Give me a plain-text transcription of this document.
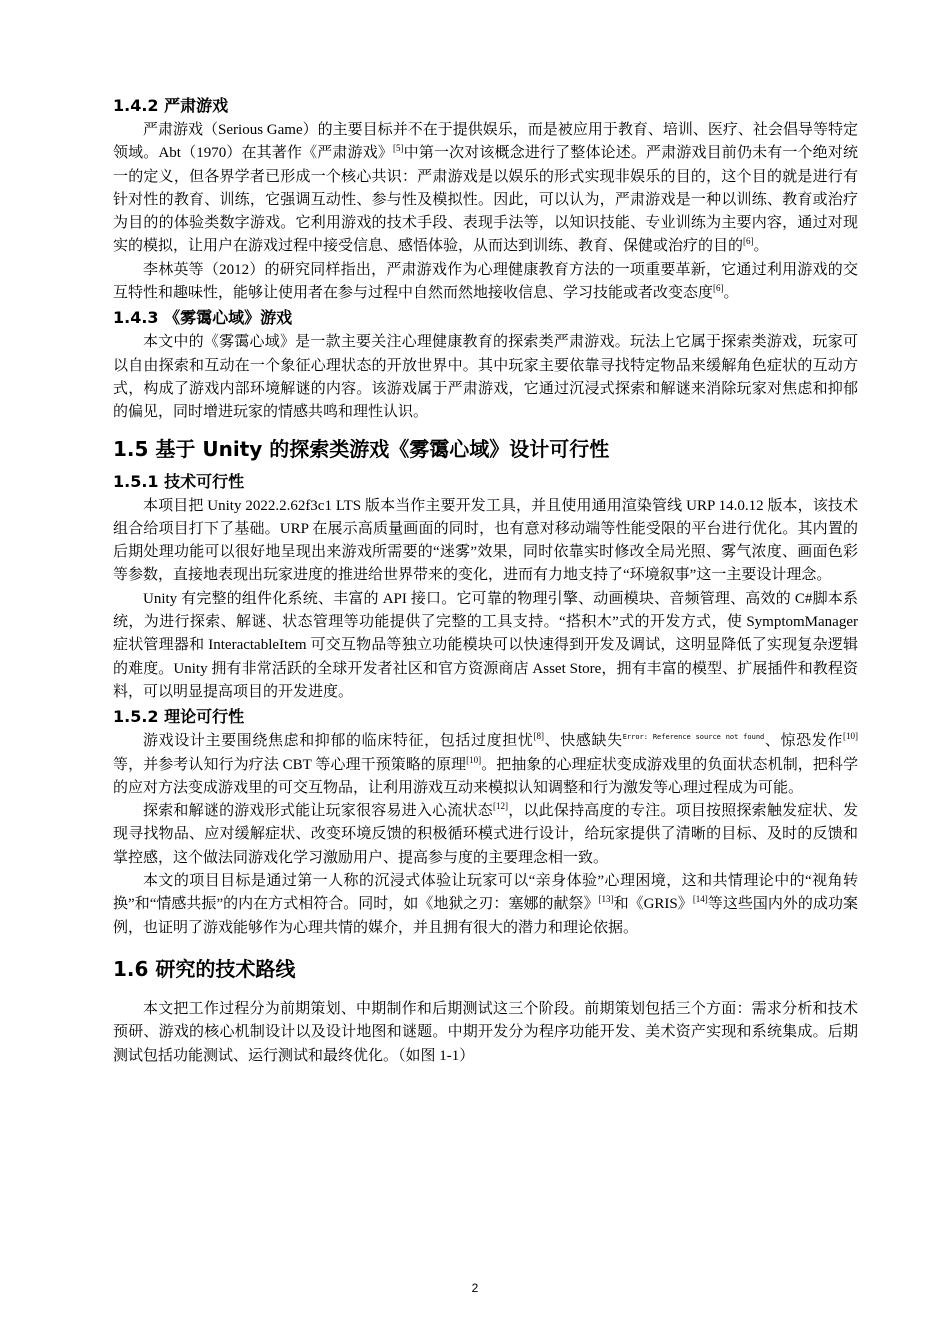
1.4.2 严肃游戏

严肃游戏（Serious Game）的主要目标并不在于提供娱乐，而是被应用于教育、培训、医疗、社会倡导等特定领域。Abt（1970）在其著作《严肃游戏》[5]中第一次对该概念进行了整体论述。严肃游戏目前仍未有一个绝对统一的定义，但各界学者已形成一个核心共识：严肃游戏是以娱乐的形式实现非娱乐的目的，这个目的就是进行有针对性的教育、训练，它强调互动性、参与性及模拟性。因此，可以认为，严肃游戏是一种以训练、教育或治疗为目的的体验类数字游戏。它利用游戏的技术手段、表现手法等，以知识技能、专业训练为主要内容，通过对现实的模拟，让用户在游戏过程中接受信息、感悟体验，从而达到训练、教育、保健或治疗的目的[6]。

李林英等（2012）的研究同样指出，严肃游戏作为心理健康教育方法的一项重要革新，它通过利用游戏的交互特性和趣味性，能够让使用者在参与过程中自然而然地接收信息、学习技能或者改变态度[6]。

1.4.3 《雾霭心域》游戏

本文中的《雾霭心域》是一款主要关注心理健康教育的探索类严肃游戏。玩法上它属于探索类游戏，玩家可以自由探索和互动在一个象征心理状态的开放世界中。其中玩家主要依靠寻找特定物品来缓解角色症状的互动方式，构成了游戏内部环境解谜的内容。该游戏属于严肃游戏，它通过沉浸式探索和解谜来消除玩家对焦虑和抑郁的偏见，同时增进玩家的情感共鸣和理性认识。

1.5 基于 Unity 的探索类游戏《雾霭心域》设计可行性
1.5.1 技术可行性

本项目把 Unity 2022.2.62f3c1 LTS 版本当作主要开发工具，并且使用通用渲染管线 URP 14.0.12 版本，该技术组合给项目打下了基础。URP 在展示高质量画面的同时，也有意对移动端等性能受限的平台进行优化。其内置的后期处理功能可以很好地呈现出来游戏所需要的“迷雾”效果，同时依靠实时修改全局光照、雾气浓度、画面色彩等参数，直接地表现出玩家进度的推进给世界带来的变化，进而有力地支持了“环境叙事”这一主要设计理念。

Unity 有完整的组件化系统、丰富的 API 接口。它可靠的物理引擎、动画模块、音频管理、高效的 C#脚本系统，为进行探索、解谜、状态管理等功能提供了完整的工具支持。“搭积木”式的开发方式，使 SymptomManager 症状管理器和 InteractableItem 可交互物品等独立功能模块可以快速得到开发及调试，这明显降低了实现复杂逻辑的难度。Unity 拥有非常活跃的全球开发者社区和官方资源商店 Asset Store，拥有丰富的模型、扩展插件和教程资料，可以明显提高项目的开发进度。

1.5.2 理论可行性

游戏设计主要围绕焦虑和抑郁的临床特征，包括过度担忧[8]、快感缺失$^{Error: Reference source not found}$、惊恐发作[10]等，并参考认知行为疗法 CBT 等心理干预策略的原理[10]。把抽象的心理症状变成游戏里的负面状态机制，把科学的应对方法变成游戏里的可交互物品，让利用游戏互动来模拟认知调整和行为激发等心理过程成为可能。

探索和解谜的游戏形式能让玩家很容易进入心流状态[12]，以此保持高度的专注。项目按照探索触发症状、发现寻找物品、应对缓解症状、改变环境反馈的积极循环模式进行设计，给玩家提供了清晰的目标、及时的反馈和掌控感，这个做法同游戏化学习激励用户、提高参与度的主要理念相一致。

本文的项目目标是通过第一人称的沉浸式体验让玩家可以“亲身体验”心理困境，这和共情理论中的“视角转换”和“情感共振”的内在方式相符合。同时，如《地狱之刃：塞娜的献祭》[13]和《GRIS》[14]等这些国内外的成功案例，也证明了游戏能够作为心理共情的媒介，并且拥有很大的潜力和理论依据。

1.6 研究的技术路线

本文把工作过程分为前期策划、中期制作和后期测试这三个阶段。前期策划包括三个方面：需求分析和技术预研、游戏的核心机制设计以及设计地图和谜题。中期开发分为程序功能开发、美术资产实现和系统集成。后期测试包括功能测试、运行测试和最终优化。（如图 1-1）

2
